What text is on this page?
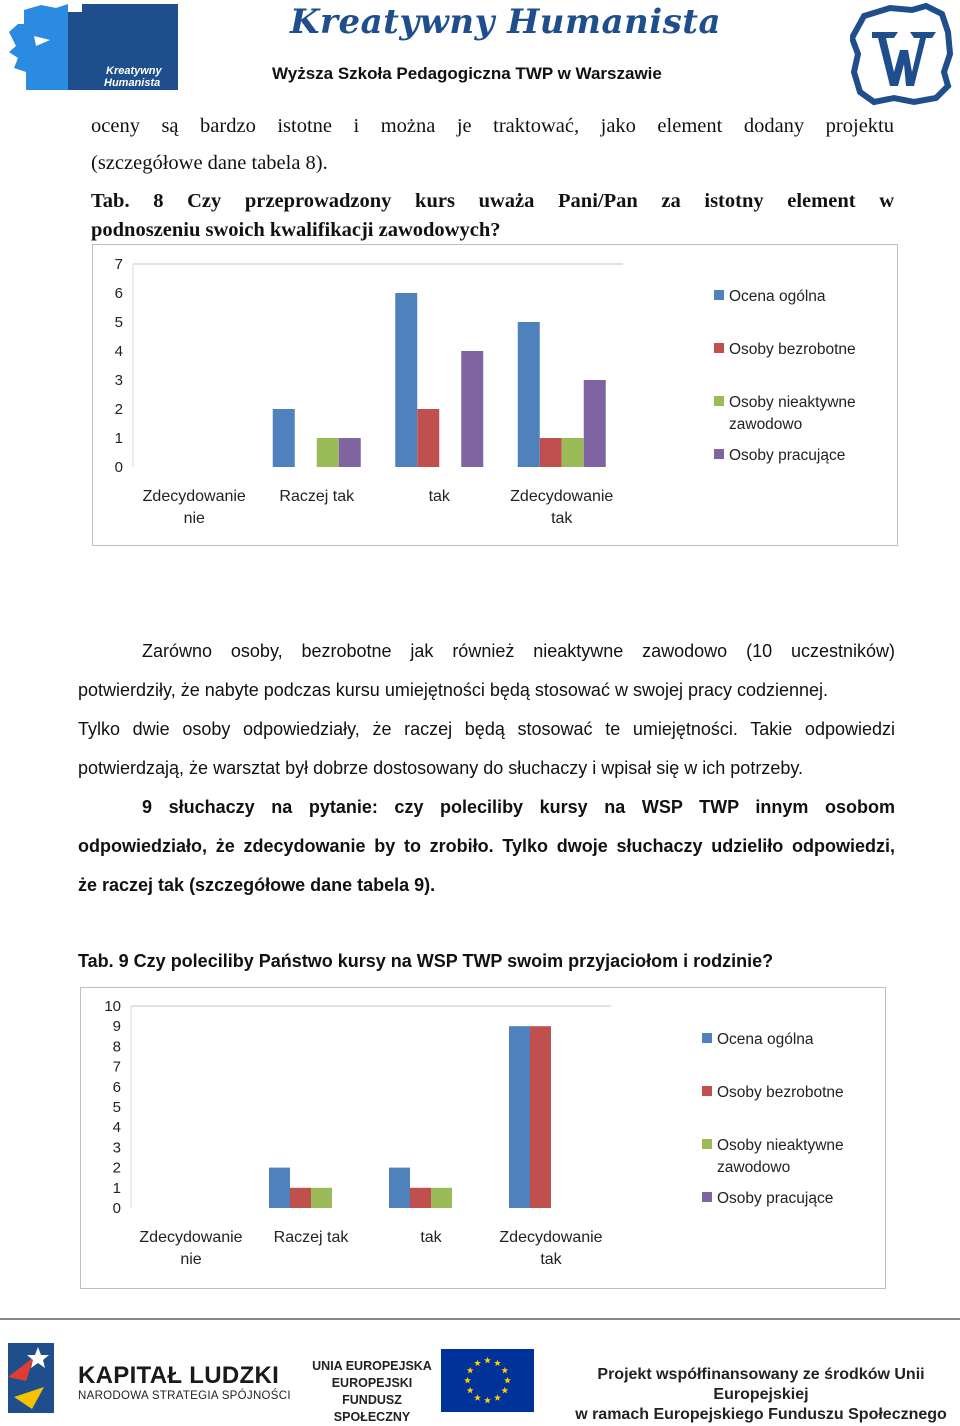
Kreatywny
Humanista
Kreatywny Humanista
Wyższa Szkoła Pedagogiczna TWP w Warszawie
oceny są bardzo istotne i można je traktować, jako element dodany projektu
(szczegółowe dane tabela 8).
Tab. 8 Czy przeprowadzony kurs uważa Pani/Pan za istotny element w
podnoszeniu swoich kwalifikacji zawodowych?
0
1
2
3
4
5
6
7
Zdecydowanie
nie
Raczej tak	tak	Zdecydowanie
tak
Ocena ogólna
Osoby bezrobotne
Osoby nieaktywne
zawodowo
Osoby pracujące
Zarówno osoby, bezrobotne jak również nieaktywne zawodowo (10 uczestników)
potwierdziły, że nabyte podczas kursu umiejętności będą stosować w swojej pracy codziennej.
Tylko dwie osoby odpowiedziały, że raczej będą stosować te umiejętności. Takie odpowiedzi
potwierdzają, że warsztat był dobrze dostosowany do słuchaczy i wpisał się w ich potrzeby.
9 słuchaczy na pytanie: czy poleciliby kursy na WSP TWP innym osobom
odpowiedziało, że zdecydowanie by to zrobiło. Tylko dwoje słuchaczy udzieliło odpowiedzi,
że raczej tak (szczegółowe dane tabela 9).
Tab. 9 Czy poleciliby Państwo kursy na WSP TWP swoim przyjaciołom i rodzinie?
0
1
2
3
4
5
6
7
8
9
10
Zdecydowanie
nie
Raczej tak	tak	Zdecydowanie
tak
Ocena ogólna
Osoby bezrobotne
Osoby nieaktywne
zawodowo
Osoby pracujące
KAPITAŁ LUDZKI
NARODOWA STRATEGIA SPÓJNOŚCI
UNIA EUROPEJSKA
EUROPEJSKI
FUNDUSZ SPOŁECZNY
Projekt współfinansowany ze środków Unii Europejskiej
w ramach Europejskiego Funduszu Społecznego
